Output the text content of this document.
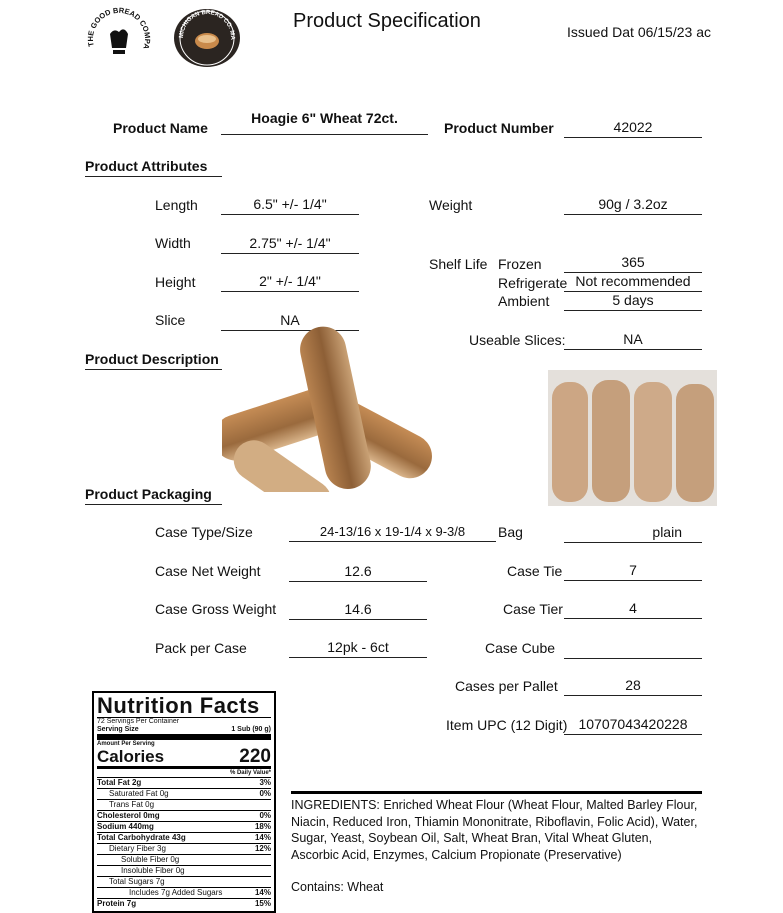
THE GOOD BREAD COMPA
MICHIGAN BREAD CO. MA
Product Specification	Issued Dat 06/15/23 ac
Product Name
Hoagie 6" Wheat 72ct.
Product Number	42022
Product Attributes
Length	6.5" +/- 1/4"
Width	2.75" +/- 1/4"
Height	2" +/- 1/4"
Slice	NA
Weight	90g / 3.2oz
Shelf Life Frozen	365
Refrigerate Not recommended
Ambient	5 days
Useable Slices:	NA
Product Description
Product Packaging
Case Type/Size	24-13/16 x 19-1/4 x 9-3/8	Bag	plain
Case Net Weight	12.6	Case Tie	7
Case Gross Weight	14.6	Case Tier	4
Pack per Case	12pk - 6ct	Case Cube
Cases per Pallet	28
Item UPC (12 Digit) 10707043420228
Nutrition Facts
72 Servings Per Container
Serving Size	1 Sub (90 g)
Amount Per Serving
Calories	220
% Daily Value*
Total Fat 2g	3%
Saturated Fat 0g	0%
Trans Fat 0g
Cholesterol 0mg	0%
Sodium 440mg	18%
Total Carbohydrate 43g	14%
Dietary Fiber 3g	12%
Soluble Fiber 0g
Insoluble Fiber 0g
Total Sugars 7g
Includes 7g Added Sugars	14%
Protein 7g	15%
INGREDIENTS: Enriched Wheat Flour (Wheat Flour, Malted Barley Flour, Niacin, Reduced Iron, Thiamin Mononitrate, Riboflavin, Folic Acid), Water, Sugar, Yeast, Soybean Oil, Salt, Wheat Bran, Vital Wheat Gluten, Ascorbic Acid, Enzymes, Calcium Propionate (Preservative)
Contains: Wheat
